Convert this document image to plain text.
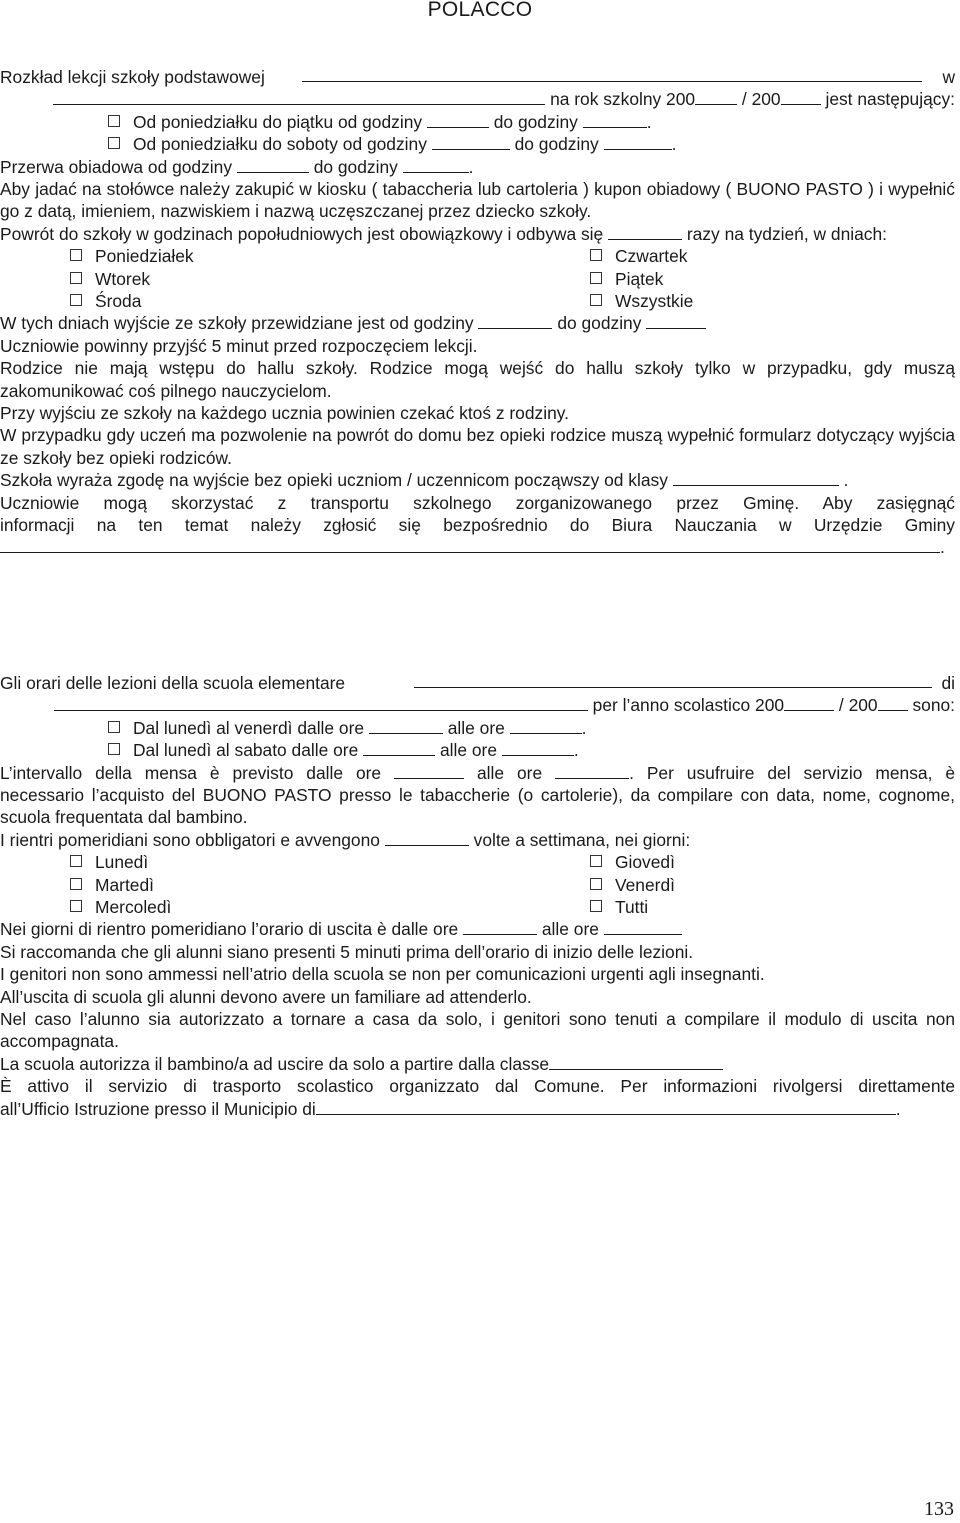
POLACCO
Rozkład lekcji szkoły podstawowej	w
na rok szkolny 200	/ 200	jest następujący:
Od poniedziałku do piątku od godziny	do godziny	.
Od poniedziałku do soboty od godziny	do godziny	.
Przerwa obiadowa od godziny	do godziny	.
Aby jadać na stołówce należy zakupić w kiosku ( tabaccheria lub cartoleria ) kupon obiadowy ( BUONO PASTO ) i wypełnić go z datą, imieniem, nazwiskiem i nazwą uczęszczanej przez dziecko szkoły.
Powrót do szkoły w godzinach popołudniowych jest obowiązkowy i odbywa się	razy na tydzień, w dniach:
Poniedziałek	Czwartek
Wtorek	Piątek
Środa	Wszystkie
W tych dniach wyjście ze szkoły przewidziane jest od godziny	do godziny
Uczniowie powinny przyjść 5 minut przed rozpoczęciem lekcji.
Rodzice nie mają wstępu do hallu szkoły. Rodzice mogą wejść do hallu szkoły tylko w przypadku, gdy muszą zakomunikować coś pilnego nauczycielom.
Przy wyjściu ze szkoły na każdego ucznia powinien czekać ktoś z rodziny.
W przypadku gdy uczeń ma pozwolenie na powrót do domu bez opieki rodzice muszą wypełnić formularz dotyczący wyjścia ze szkoły bez opieki rodziców.
Szkoła wyraża zgodę na wyjście bez opieki uczniom / uczennicom począwszy od klasy	.
Uczniowie mogą skorzystać z transportu szkolnego zorganizowanego przez Gminę. Aby zasięgnąć
informacji na ten temat należy zgłosić się bezpośrednio do Biura Nauczania w Urzędzie Gminy
.
Gli orari delle lezioni della scuola elementare	di
per l’anno scolastico 200	/ 200 sono:
Dal lunedì al venerdì dalle ore	alle ore	.
Dal lunedì al sabato dalle ore	alle ore	.
L’intervallo della mensa è previsto dalle ore	alle ore	. Per usufruire del servizio mensa, è
necessario l’acquisto del BUONO PASTO presso le tabaccherie (o cartolerie), da compilare con data, nome, cognome, scuola frequentata dal bambino.
I rientri pomeridiani sono obbligatori e avvengono	volte a settimana, nei giorni:
Lunedì	Giovedì
Martedì	Venerdì
Mercoledì	Tutti
Nei giorni di rientro pomeridiano l’orario di uscita è dalle ore	alle ore
Si raccomanda che gli alunni siano presenti 5 minuti prima dell’orario di inizio delle lezioni.
I genitori non sono ammessi nell’atrio della scuola se non per comunicazioni urgenti agli insegnanti.
All’uscita di scuola gli alunni devono avere un familiare ad attenderlo.
Nel caso l’alunno sia autorizzato a tornare a casa da solo, i genitori sono tenuti a compilare il modulo di uscita non accompagnata.
La scuola autorizza il bambino/a ad uscire da solo a partire dalla classe
È attivo il servizio di trasporto scolastico organizzato dal Comune. Per informazioni rivolgersi direttamente
all’Ufficio Istruzione presso il Municipio di	.
133
